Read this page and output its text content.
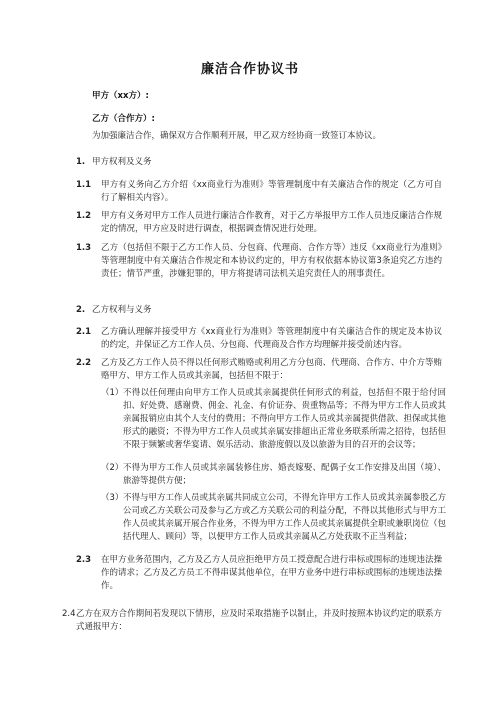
廉洁合作协议书
甲方（xx方）:
乙方（合作方）:
为加强廉洁合作，确保双方合作顺利开展，甲乙双方经协商一致签订本协议。
1. 甲方权利及义务
1.1 甲方有义务向乙方介绍《xx商业行为准则》等管理制度中有关廉洁合作的规定（乙方可自行了解相关内容）。
1.2 甲方有义务对甲方工作人员进行廉洁合作教育，对于乙方举报甲方工作人员违反廉洁合作规定的情况，甲方应及时进行调查，根据调查情况进行处理。
1.3 乙方（包括但不限于乙方工作人员、分包商、代理商、合作方等）违反《xx商业行为准则》等管理制度中有关廉洁合作规定和本协议约定的，甲方有权依据本协议第3条追究乙方违约责任；情节严重，涉嫌犯罪的，甲方将提请司法机关追究责任人的刑事责任。
2. 乙方权利与义务
2.1 乙方确认理解并接受甲方《xx商业行为准则》等管理制度中有关廉洁合作的规定及本协议的约定，并保证乙方工作人员、分包商、代理商及合作方均理解并接受前述内容。
2.2 乙方及乙方工作人员不得以任何形式贿赂或利用乙方分包商、代理商、合作方、中介方等贿赂甲方、甲方工作人员或其亲属，包括但不限于：
（1） 不得以任何理由向甲方工作人员或其亲属提供任何形式的利益，包括但不限于给付回扣、好处费、感谢费、佣金、礼金、有价证券、贵重物品等；不得为甲方工作人员或其亲属报销应由其个人支付的费用；不得向甲方工作人员或其亲属提供借款、担保或其他形式的融资；不得为甲方工作人员或其亲属安排超出正常业务联系所需之招待，包括但不限于频繁或奢华宴请、娱乐活动、旅游度假以及以旅游为目的召开的会议等；
（2） 不得为甲方工作人员或其亲属装修住房、婚丧嫁娶、配偶子女工作安排及出国（境）、旅游等提供方便；
（3） 不得与甲方工作人员或其亲属共同成立公司，不得允许甲方工作人员或其亲属参股乙方公司或乙方关联公司及参与乙方或乙方关联公司的利益分配，不得以其他形式与甲方工作人员或其亲属开展合作业务，不得为甲方工作人员或其亲属提供全职或兼职岗位（包括代理人、顾问）等，以便甲方工作人员或其亲属从乙方处获取不正当利益；
2.3 在甲方业务范围内，乙方及乙方人员应拒绝甲方员工授意配合进行串标或围标的违规违法操作的请求；乙方及乙方员工不得串谋其他单位，在甲方业务中进行串标或围标的违规违法操作。
2.4 乙方在双方合作期间若发现以下情形，应及时采取措施予以制止，并及时按照本协议约定的联系方式通报甲方：
